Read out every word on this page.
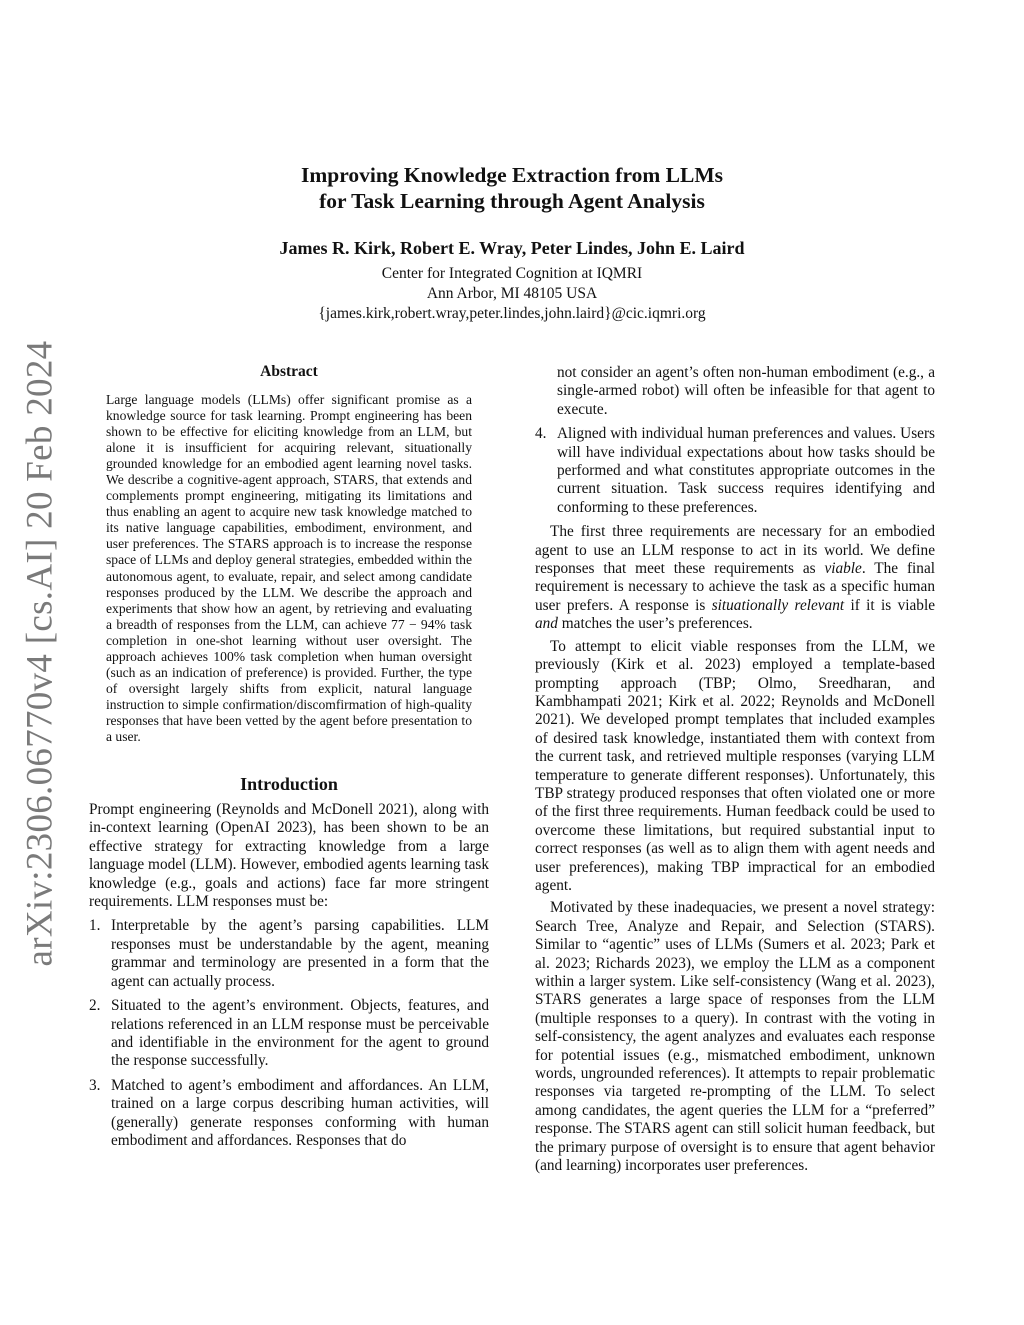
arXiv:2306.06770v4 [cs.AI] 20 Feb 2024
Improving Knowledge Extraction from LLMs
for Task Learning through Agent Analysis
James R. Kirk, Robert E. Wray, Peter Lindes, John E. Laird
Center for Integrated Cognition at IQMRI
Ann Arbor, MI 48105 USA
{james.kirk,robert.wray,peter.lindes,john.laird}@cic.iqmri.org
Abstract

Large language models (LLMs) offer significant promise as a knowledge source for task learning. Prompt engineering has been shown to be effective for eliciting knowledge from an LLM, but alone it is insufficient for acquiring relevant, situationally grounded knowledge for an embodied agent learning novel tasks. We describe a cognitive-agent approach, STARS, that extends and complements prompt engineering, mitigating its limitations and thus enabling an agent to acquire new task knowledge matched to its native language capabilities, embodiment, environment, and user preferences. The STARS approach is to increase the response space of LLMs and deploy general strategies, embedded within the autonomous agent, to evaluate, repair, and select among candidate responses produced by the LLM. We describe the approach and experiments that show how an agent, by retrieving and evaluating a breadth of responses from the LLM, can achieve 77 − 94% task completion in one-shot learning without user oversight. The approach achieves 100% task completion when human oversight (such as an indication of preference) is provided. Further, the type of oversight largely shifts from explicit, natural language instruction to simple confirmation/discomfirmation of high-quality responses that have been vetted by the agent before presentation to a user.

Introduction

Prompt engineering (Reynolds and McDonell 2021), along with in-context learning (OpenAI 2023), has been shown to be an effective strategy for extracting knowledge from a large language model (LLM). However, embodied agents learning task knowledge (e.g., goals and actions) face far more stringent requirements. LLM responses must be:

1. Interpretable by the agent’s parsing capabilities. LLM responses must be understandable by the agent, meaning grammar and terminology are presented in a form that the agent can actually process.
2. Situated to the agent’s environment. Objects, features, and relations referenced in an LLM response must be perceivable and identifiable in the environment for the agent to ground the response successfully.
3. Matched to agent’s embodiment and affordances. An LLM, trained on a large corpus describing human activities, will (generally) generate responses conforming with human embodiment and affordances. Responses that do
not consider an agent’s often non-human embodiment (e.g., a single-armed robot) will often be infeasible for that agent to execute.
4. Aligned with individual human preferences and values. Users will have individual expectations about how tasks should be performed and what constitutes appropriate outcomes in the current situation. Task success requires identifying and conforming to these preferences.

The first three requirements are necessary for an embodied agent to use an LLM response to act in its world. We define responses that meet these requirements as viable. The final requirement is necessary to achieve the task as a specific human user prefers. A response is situationally relevant if it is viable and matches the user’s preferences.

To attempt to elicit viable responses from the LLM, we previously (Kirk et al. 2023) employed a template-based prompting approach (TBP; Olmo, Sreedharan, and Kambhampati 2021; Kirk et al. 2022; Reynolds and McDonell 2021). We developed prompt templates that included examples of desired task knowledge, instantiated them with context from the current task, and retrieved multiple responses (varying LLM temperature to generate different responses). Unfortunately, this TBP strategy produced responses that often violated one or more of the first three requirements. Human feedback could be used to overcome these limitations, but required substantial input to correct responses (as well as to align them with agent needs and user preferences), making TBP impractical for an embodied agent.

Motivated by these inadequacies, we present a novel strategy: Search Tree, Analyze and Repair, and Selection (STARS). Similar to “agentic” uses of LLMs (Sumers et al. 2023; Park et al. 2023; Richards 2023), we employ the LLM as a component within a larger system. Like self-consistency (Wang et al. 2023), STARS generates a large space of responses from the LLM (multiple responses to a query). In contrast with the voting in self-consistency, the agent analyzes and evaluates each response for potential issues (e.g., mismatched embodiment, unknown words, ungrounded references). It attempts to repair problematic responses via targeted re-prompting of the LLM. To select among candidates, the agent queries the LLM for a “preferred” response. The STARS agent can still solicit human feedback, but the primary purpose of oversight is to ensure that agent behavior (and learning) incorporates user preferences.
